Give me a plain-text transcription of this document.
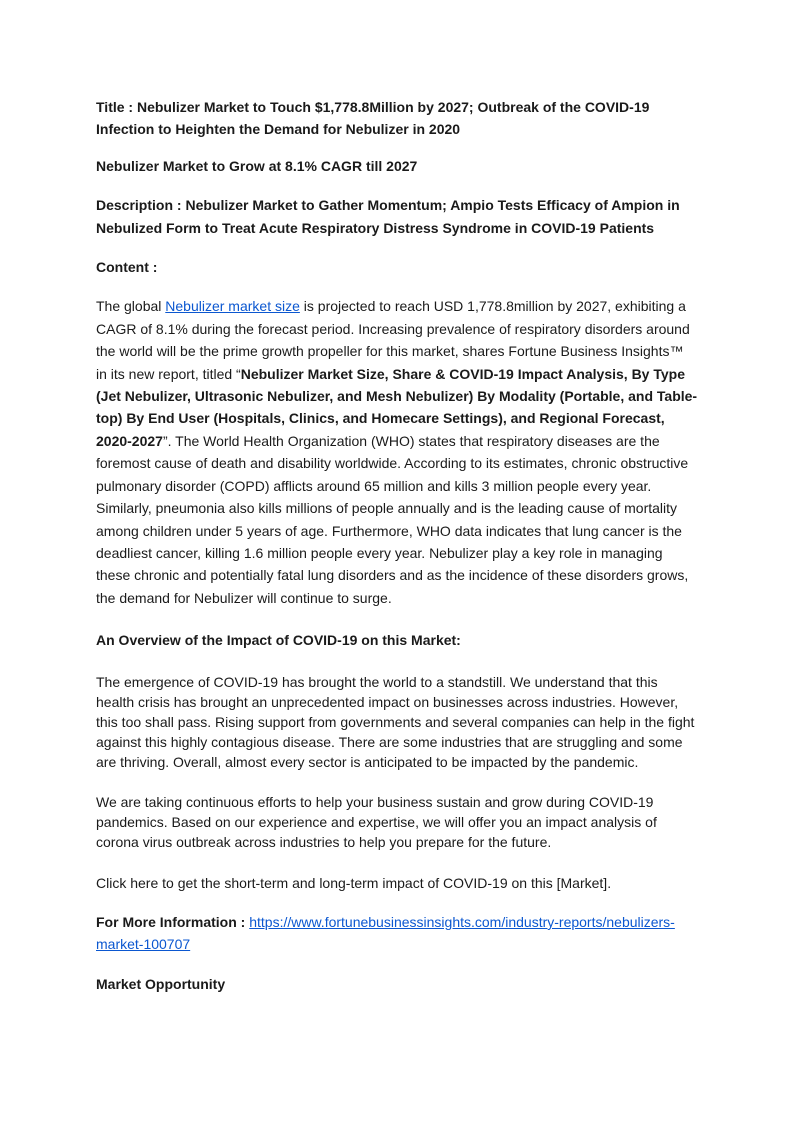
Title : Nebulizer Market to Touch $1,778.8Million by 2027; Outbreak of the COVID-19 Infection to Heighten the Demand for Nebulizer in 2020

Nebulizer Market to Grow at 8.1% CAGR till 2027

Description : Nebulizer Market to Gather Momentum; Ampio Tests Efficacy of Ampion in Nebulized Form to Treat Acute Respiratory Distress Syndrome in COVID-19 Patients

Content :

The global Nebulizer market size is projected to reach USD 1,778.8million by 2027, exhibiting a CAGR of 8.1% during the forecast period. Increasing prevalence of respiratory disorders around the world will be the prime growth propeller for this market, shares Fortune Business Insights™ in its new report, titled “Nebulizer Market Size, Share & COVID-19 Impact Analysis, By Type (Jet Nebulizer, Ultrasonic Nebulizer, and Mesh Nebulizer) By Modality (Portable, and Table-top) By End User (Hospitals, Clinics, and Homecare Settings), and Regional Forecast, 2020-2027”. The World Health Organization (WHO) states that respiratory diseases are the foremost cause of death and disability worldwide. According to its estimates, chronic obstructive pulmonary disorder (COPD) afflicts around 65 million and kills 3 million people every year. Similarly, pneumonia also kills millions of people annually and is the leading cause of mortality among children under 5 years of age. Furthermore, WHO data indicates that lung cancer is the deadliest cancer, killing 1.6 million people every year. Nebulizer play a key role in managing these chronic and potentially fatal lung disorders and as the incidence of these disorders grows, the demand for Nebulizer will continue to surge.

An Overview of the Impact of COVID-19 on this Market:

The emergence of COVID-19 has brought the world to a standstill. We understand that this health crisis has brought an unprecedented impact on businesses across industries. However, this too shall pass. Rising support from governments and several companies can help in the fight against this highly contagious disease. There are some industries that are struggling and some are thriving. Overall, almost every sector is anticipated to be impacted by the pandemic.

We are taking continuous efforts to help your business sustain and grow during COVID-19 pandemics. Based on our experience and expertise, we will offer you an impact analysis of corona virus outbreak across industries to help you prepare for the future.

Click here to get the short-term and long-term impact of COVID-19 on this [Market].

For More Information : https://www.fortunebusinessinsights.com/industry-reports/nebulizers-market-100707

Market Opportunity
